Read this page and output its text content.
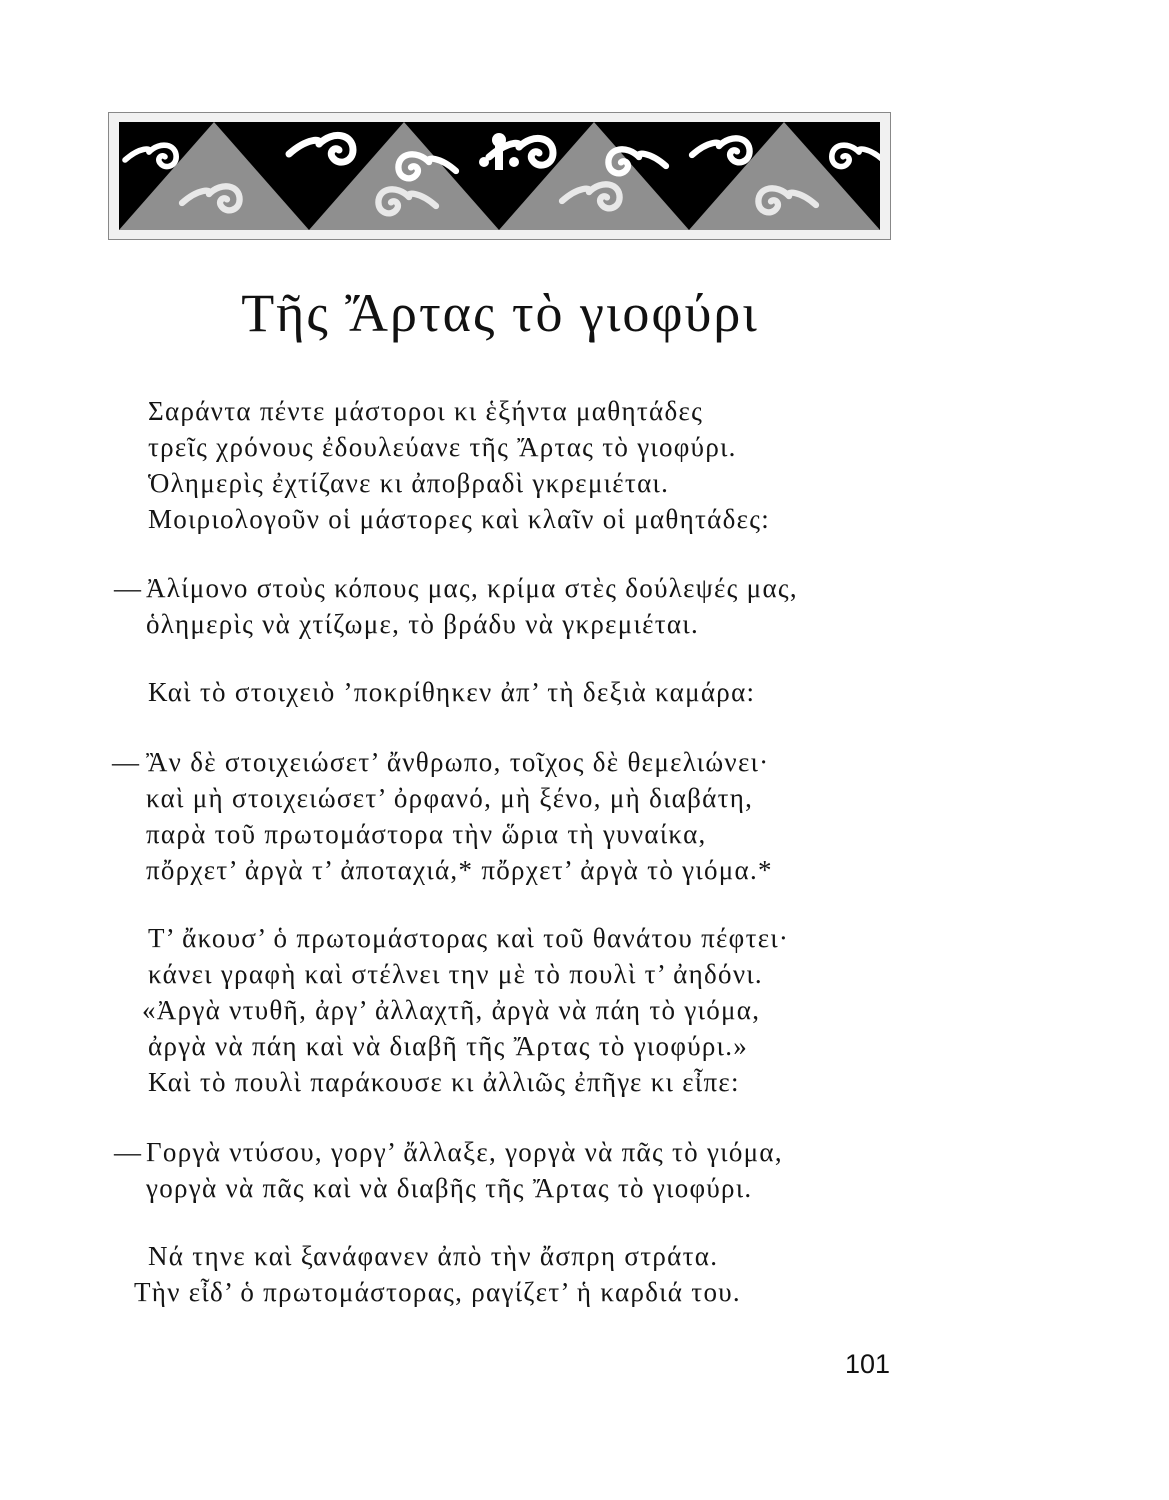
Τῆς Ἄρτας τὸ γιοφύρι
Σαράντα πέντε μάστοροι κι ἑξήντα μαθητάδες
τρεῖς χρόνους ἐδουλεύανε τῆς Ἄρτας τὸ γιοφύρι.
Ὁλημερὶς ἐχτίζανε κι ἀποβραδὶ γκρεμιέται.
Μοιριολογοῦν οἱ μάστορες καὶ κλαῖν οἱ μαθητάδες:
— Ἀλίμονο στοὺς κόπους μας, κρίμα στὲς δούλεψές μας,
ὁλημερὶς νὰ χτίζωμε, τὸ βράδυ νὰ γκρεμιέται.
Καὶ τὸ στοιχειὸ ’ποκρίθηκεν ἀπ’ τὴ δεξιὰ καμάρα:
— Ἂν δὲ στοιχειώσετ’ ἄνθρωπο, τοῖχος δὲ θεμελιώνει·
καὶ μὴ στοιχειώσετ’ ὀρφανό, μὴ ξένο, μὴ διαβάτη,
παρὰ τοῦ πρωτομάστορα τὴν ὥρια τὴ γυναίκα,
πὄρχετ’ ἀργὰ τ’ ἀποταχιά,* πὄρχετ’ ἀργὰ τὸ γιόμα.*
Τ’ ἄκουσ’ ὁ πρωτομάστορας καὶ τοῦ θανάτου πέφτει·
κάνει γραφὴ καὶ στέλνει την μὲ τὸ πουλὶ τ’ ἀηδόνι.
«Ἀργὰ ντυθῆ, ἀργ’ ἀλλαχτῆ, ἀργὰ νὰ πάη τὸ γιόμα,
ἀργὰ νὰ πάη καὶ νὰ διαβῆ τῆς Ἄρτας τὸ γιοφύρι.»
Καὶ τὸ πουλὶ παράκουσε κι ἀλλιῶς ἐπῆγε κι εἶπε:
— Γοργὰ ντύσου, γοργ’ ἄλλαξε, γοργὰ νὰ πᾶς τὸ γιόμα,
γοργὰ νὰ πᾶς καὶ νὰ διαβῆς τῆς Ἄρτας τὸ γιοφύρι.
Νά τηνε καὶ ξανάφανεν ἀπὸ τὴν ἄσπρη στράτα.
Τὴν εἶδ’ ὁ πρωτομάστορας, ραγίζετ’ ἡ καρδιά του.
101
